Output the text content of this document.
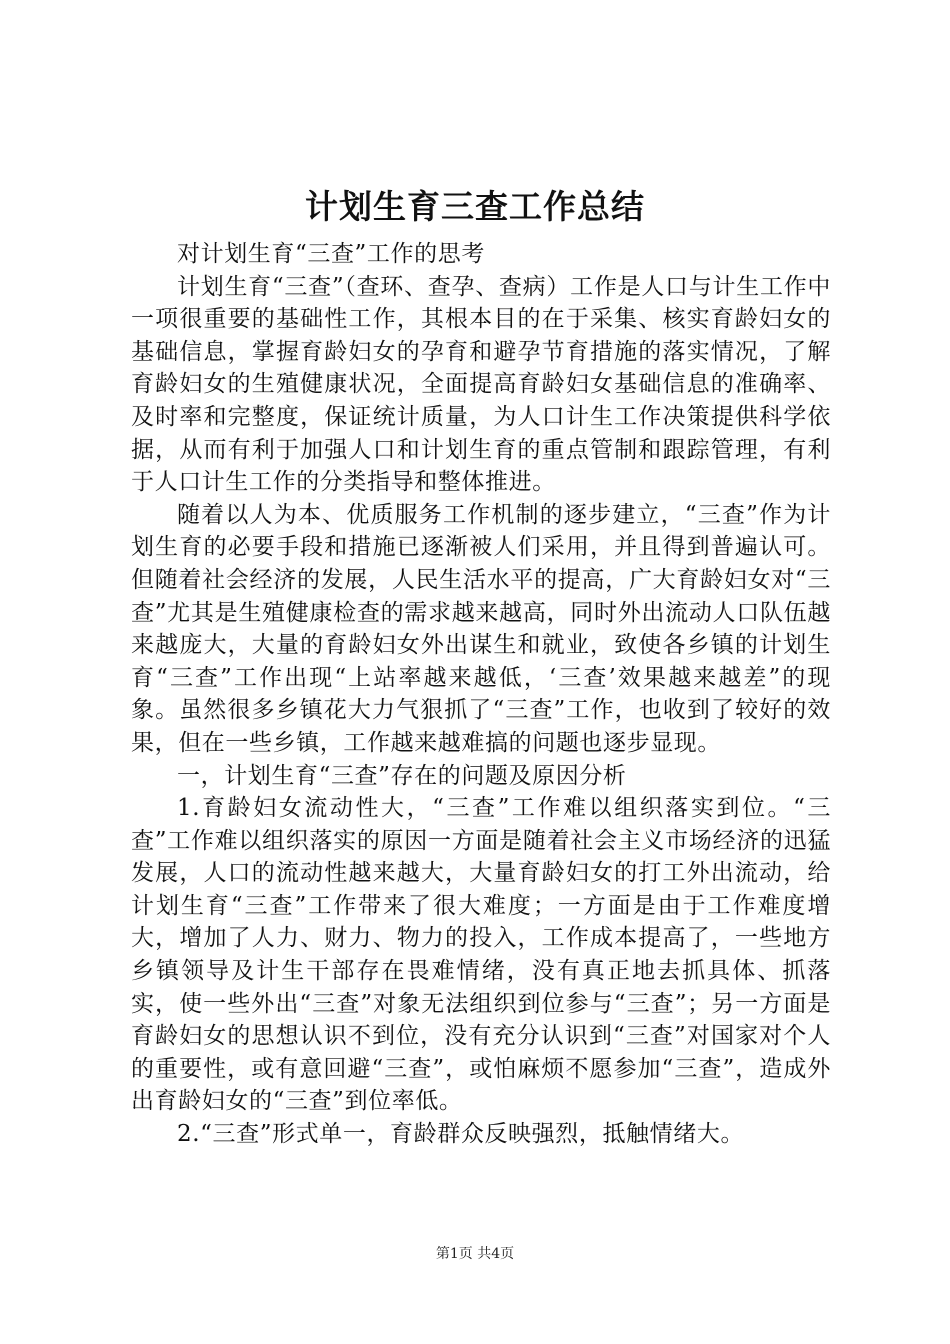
计划生育三查工作总结

对计划生育“三查”工作的思考

计划生育“三查”（查环、查孕、查病）工作是人口与计生工作中一项很重要的基础性工作，其根本目的在于采集、核实育龄妇女的基础信息，掌握育龄妇女的孕育和避孕节育措施的落实情况，了解育龄妇女的生殖健康状况，全面提高育龄妇女基础信息的准确率、及时率和完整度，保证统计质量，为人口计生工作决策提供科学依据，从而有利于加强人口和计划生育的重点管制和跟踪管理，有利于人口计生工作的分类指导和整体推进。

随着以人为本、优质服务工作机制的逐步建立，“三查”作为计划生育的必要手段和措施已逐渐被人们采用，并且得到普遍认可。但随着社会经济的发展，人民生活水平的提高，广大育龄妇女对“三查”尤其是生殖健康检查的需求越来越高，同时外出流动人口队伍越来越庞大，大量的育龄妇女外出谋生和就业，致使各乡镇的计划生育“三查”工作出现“上站率越来越低，‘三查’效果越来越差”的现象。虽然很多乡镇花大力气狠抓了“三查”工作，也收到了较好的效果，但在一些乡镇，工作越来越难搞的问题也逐步显现。

一，计划生育“三查”存在的问题及原因分析

1.育龄妇女流动性大，“三查”工作难以组织落实到位。“三查”工作难以组织落实的原因一方面是随着社会主义市场经济的迅猛发展，人口的流动性越来越大，大量育龄妇女的打工外出流动，给计划生育“三查”工作带来了很大难度；一方面是由于工作难度增大，增加了人力、财力、物力的投入，工作成本提高了，一些地方乡镇领导及计生干部存在畏难情绪，没有真正地去抓具体、抓落实，使一些外出“三查”对象无法组织到位参与“三查”；另一方面是育龄妇女的思想认识不到位，没有充分认识到“三查”对国家对个人的重要性，或有意回避“三查”，或怕麻烦不愿参加“三查”，造成外出育龄妇女的“三查”到位率低。

2.“三查”形式单一，育龄群众反映强烈，抵触情绪大。

第1页 共4页
